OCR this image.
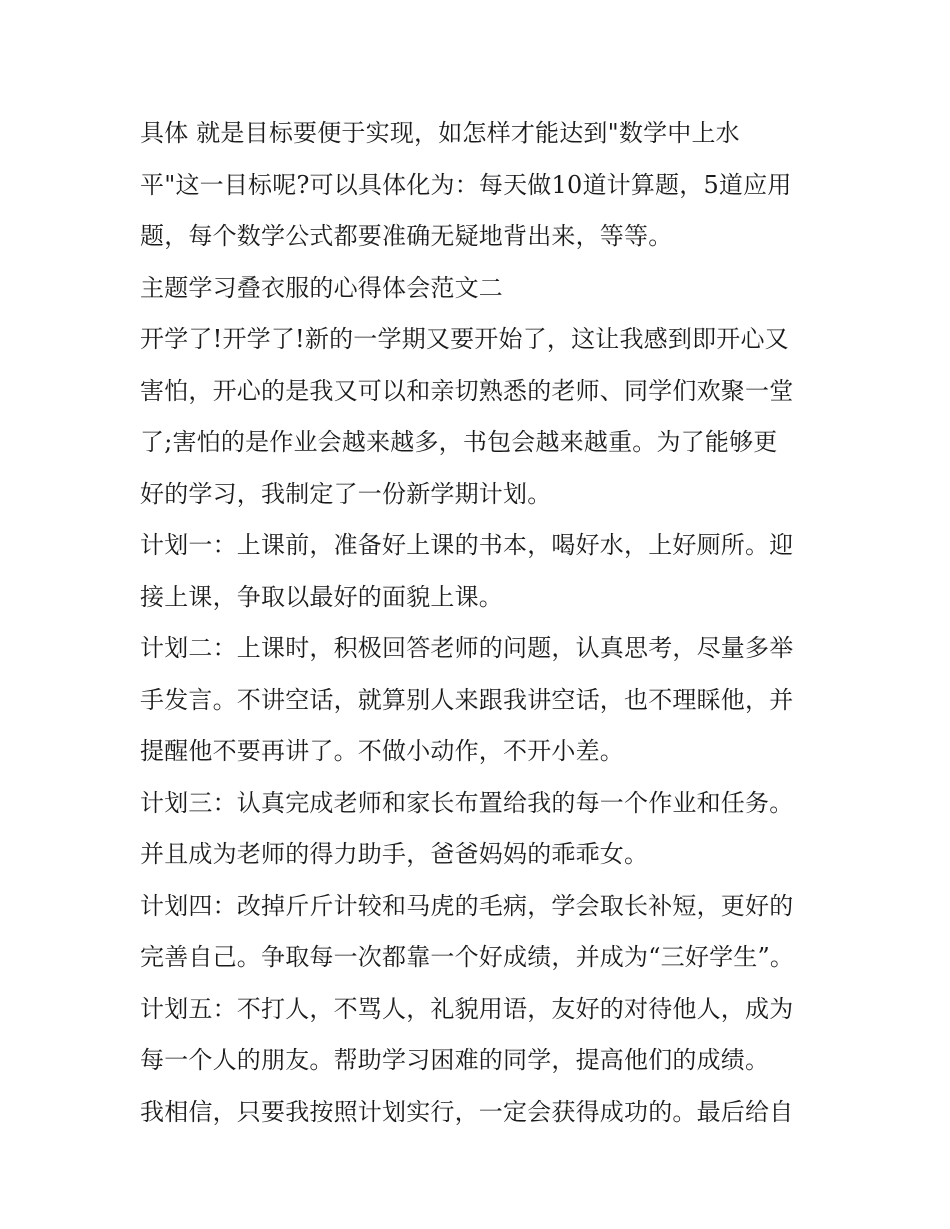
具体 就是目标要便于实现，如怎样才能达到"数学中上水
平"这一目标呢?可以具体化为：每天做10道计算题，5道应用
题，每个数学公式都要准确无疑地背出来，等等。
主题学习叠衣服的心得体会范文二
开学了!开学了!新的一学期又要开始了，这让我感到即开心又
害怕，开心的是我又可以和亲切熟悉的老师、同学们欢聚一堂
了;害怕的是作业会越来越多，书包会越来越重。为了能够更
好的学习，我制定了一份新学期计划。
计划一：上课前，准备好上课的书本，喝好水，上好厕所。迎
接上课，争取以最好的面貌上课。
计划二：上课时，积极回答老师的问题，认真思考，尽量多举
手发言。不讲空话，就算别人来跟我讲空话，也不理睬他，并
提醒他不要再讲了。不做小动作，不开小差。
计划三：认真完成老师和家长布置给我的每一个作业和任务。
并且成为老师的得力助手，爸爸妈妈的乖乖女。
计划四：改掉斤斤计较和马虎的毛病，学会取长补短，更好的
完善自己。争取每一次都靠一个好成绩，并成为“三好学生”。
计划五：不打人，不骂人，礼貌用语，友好的对待他人，成为
每一个人的朋友。帮助学习困难的同学，提高他们的成绩。
我相信，只要我按照计划实行，一定会获得成功的。最后给自
